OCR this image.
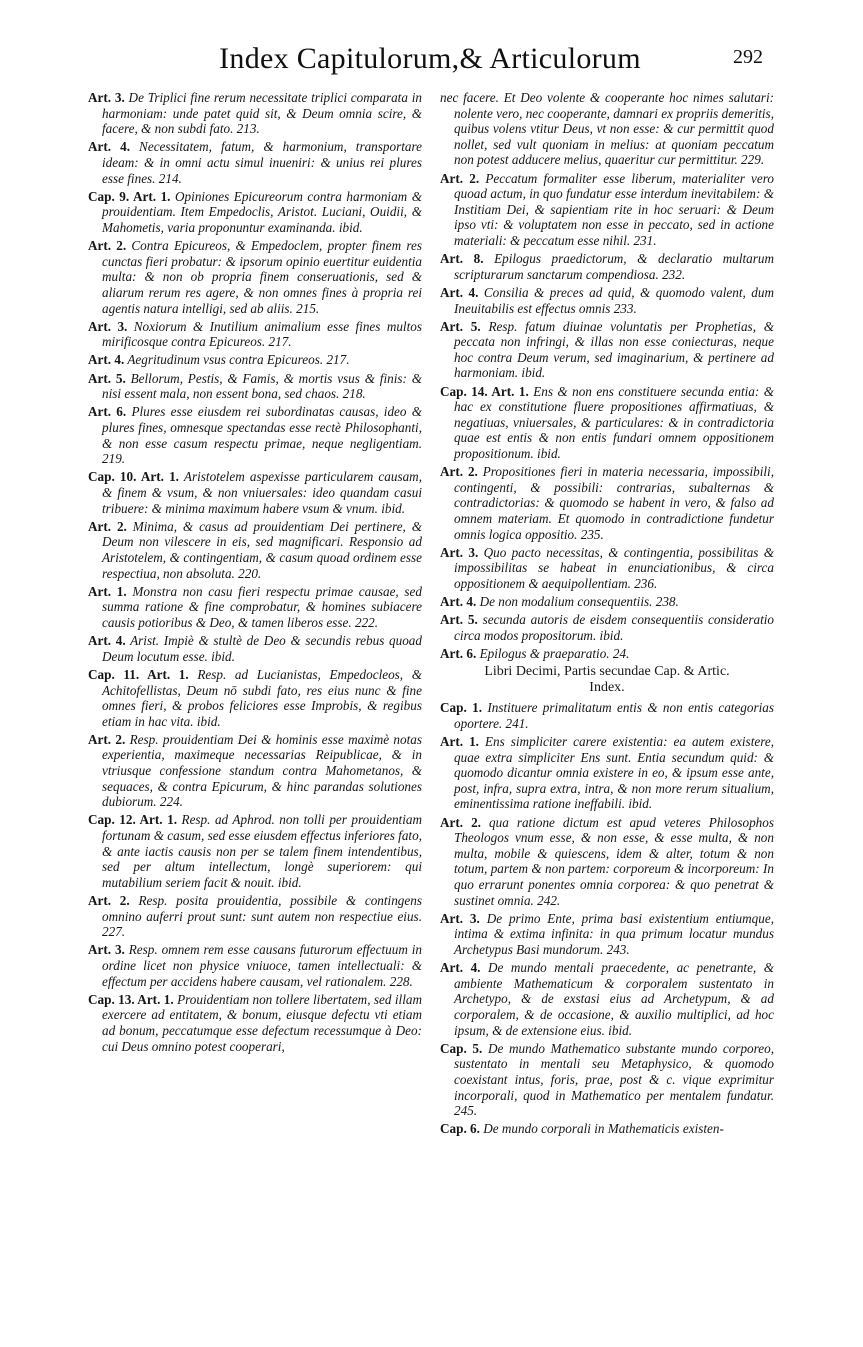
Index Capitulorum,& Articulorum	292

Art. 3. De Triplici fine rerum necessitate triplici comparata in harmoniam: unde patet quid sit, & Deum omnia scire, & facere, & non subdi fato. 213.

Art. 4. Necessitatem, fatum, & harmonium, transportare ideam: & in omni actu simul inueniri: & unius rei plures esse fines. 214.

Cap. 9. Art. 1. Opiniones Epicureorum contra harmoniam & prouidentiam. Item Empedoclis, Aristot. Luciani, Ouidii, & Mahometis, varia proponuntur examinanda. ibid.

Art. 2. Contra Epicureos, & Empedoclem, propter finem res cunctas fieri probatur: & ipsorum opinio euertitur euidentia multa: & non ob propria finem conseruationis, sed & aliarum rerum res agere, & non omnes fines à propria rei agentis natura intelligi, sed ab aliis. 215.

Art. 3. Noxiorum & Inutilium animalium esse fines multos mirificosque contra Epicureos. 217.

Art. 4. Aegritudinum vsus contra Epicureos. 217.

Art. 5. Bellorum, Pestis, & Famis, & mortis vsus & finis: & nisi essent mala, non essent bona, sed chaos. 218.

Art. 6. Plures esse eiusdem rei subordinatas causas, ideo & plures fines, omnesque spectandas esse rectè Philosophanti, & non esse casum respectu primae, neque negligentiam. 219.

Cap. 10. Art. 1. Aristotelem aspexisse particularem causam, & finem & vsum, & non vniuersales: ideo quandam casui tribuere: & minima maximum habere vsum & vnum. ibid.

Art. 2. Minima, & casus ad prouidentiam Dei pertinere, & Deum non vilescere in eis, sed magnificari. Responsio ad Aristotelem, & contingentiam, & casum quoad ordinem esse respectiua, non absoluta. 220.

Art. 1. Monstra non casu fieri respectu primae causae, sed summa ratione & fine comprobatur, & homines subiacere causis potioribus & Deo, & tamen liberos esse. 222.

Art. 4. Arist. Impiè & stultè de Deo & secundis rebus quoad Deum locutum esse. ibid.

Cap. 11. Art. 1. Resp. ad Lucianistas, Empedocleos, & Achitofellistas, Deum nō subdi fato, res eius nunc & fine omnes fieri, & probos feliciores esse Improbis, & regibus etiam in hac vita. ibid.

Art. 2. Resp. prouidentiam Dei & hominis esse maximè notas experientia, maximeque necessarias Reipublicae, & in vtriusque confessione standum contra Mahometanos, & sequaces, & contra Epicurum, & hinc parandas solutiones dubiorum. 224.

Cap. 12. Art. 1. Resp. ad Aphrod. non tolli per prouidentiam fortunam & casum, sed esse eiusdem effectus inferiores fato, & ante iactis causis non per se talem finem intendentibus, sed per altum intellectum, longè superiorem: qui mutabilium seriem facit & nouit. ibid.

Art. 2. Resp. posita prouidentia, possibile & contingens omnino auferri prout sunt: sunt autem non respectiue eius. 227.

Art. 3. Resp. omnem rem esse causans futurorum effectuum in ordine licet non physice vniuoce, tamen intellectuali: & effectum per accidens habere causam, vel rationalem. 228.

Cap. 13. Art. 1. Prouidentiam non tollere libertatem, sed illam exercere ad entitatem, & bonum, eiusque defectu vti etiam ad bonum, peccatumque esse defectum recessumque à Deo: cui Deus omnino potest cooperari,

nec facere. Et Deo volente & cooperante hoc nimes salutari: nolente vero, nec cooperante, damnari ex propriis demeritis, quibus volens vtitur Deus, vt non esse: & cur permittit quod nollet, sed vult quoniam in melius: at quoniam peccatum non potest adducere melius, quaeritur cur permittitur. 229.

Art. 2. Peccatum formaliter esse liberum, materialiter vero quoad actum, in quo fundatur esse interdum inevitabilem: & Institiam Dei, & sapientiam rite in hoc seruari: & Deum ipso vti: & voluptatem non esse in peccato, sed in actione materiali: & peccatum esse nihil. 231.

Art. 8. Epilogus praedictorum, & declaratio multarum scripturarum sanctarum compendiosa. 232.

Art. 4. Consilia & preces ad quid, & quomodo valent, dum Ineuitabilis est effectus omnis 233.

Art. 5. Resp. fatum diuinae voluntatis per Prophetias, & peccata non infringi, & illas non esse coniecturas, neque hoc contra Deum verum, sed imaginarium, & pertinere ad harmoniam. ibid.

Cap. 14. Art. 1. Ens & non ens constituere secunda entia: & hac ex constitutione fluere propositiones affirmatiuas, & negatiuas, vniuersales, & particulares: & in contradictoria quae est entis & non entis fundari omnem oppositionem propositionum. ibid.

Art. 2. Propositiones fieri in materia necessaria, impossibili, contingenti, & possibili: contrarias, subalternas & contradictorias: & quomodo se habent in vero, & falso ad omnem materiam. Et quomodo in contradictione fundetur omnis logica oppositio. 235.

Art. 3. Quo pacto necessitas, & contingentia, possibilitas & impossibilitas se habeat in enunciationibus, & circa oppositionem & aequipollentiam. 236.

Art. 4. De non modalium consequentiis. 238.

Art. 5. secunda autoris de eisdem consequentiis consideratio circa modos propositorum. ibid.

Art. 6. Epilogus & praeparatio. 24.

Libri Decimi, Partis secundae Cap. & Artic.
Index.

Cap. 1. Instituere primalitatum entis & non entis categorias oportere. 241.

Art. 1. Ens simpliciter carere existentia: ea autem existere, quae extra simpliciter Ens sunt. Entia secundum quid: & quomodo dicantur omnia existere in eo, & ipsum esse ante, post, infra, supra extra, intra, & non more rerum situalium, eminentissima ratione ineffabili. ibid.

Art. 2. qua ratione dictum est apud veteres Philosophos Theologos vnum esse, & non esse, & esse multa, & non multa, mobile & quiescens, idem & alter, totum & non totum, partem & non partem: corporeum & incorporeum: In quo errarunt ponentes omnia corporea: & quo penetrat & sustinet omnia. 242.

Art. 3. De primo Ente, prima basi existentium entiumque, intima & extima infinita: in qua primum locatur mundus Archetypus Basi mundorum. 243.

Art. 4. De mundo mentali praecedente, ac penetrante, & ambiente Mathematicum & corporalem sustentato in Archetypo, & de exstasi eius ad Archetypum, & ad corporalem, & de occasione, & auxilio multiplici, ad hoc ipsum, & de extensione eius. ibid.

Cap. 5. De mundo Mathematico substante mundo corporeo, sustentato in mentali seu Metaphysico, & quomodo coexistant intus, foris, prae, post & c. vique exprimitur incorporali, quod in Mathematico per mentalem fundatur. 245.

Cap. 6. De mundo corporali in Mathematicis existen-
